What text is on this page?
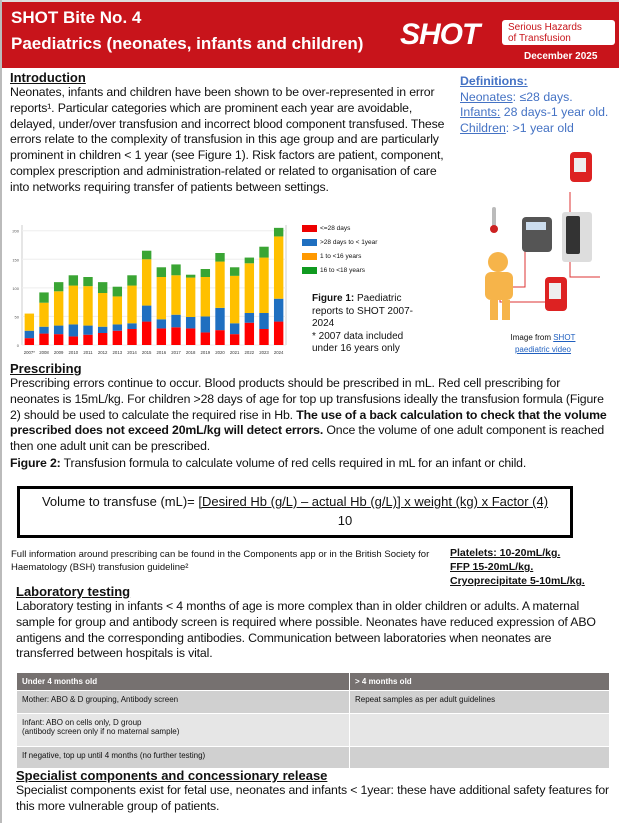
SHOT Bite No. 4
Paediatrics (neonates, infants and children) SHOT	Serious Hazards
of Transfusion
December 2025
Introduction

Neonates, infants and children have been shown to be over-represented in error reports¹. Particular categories which are prominent each year are avoidable, delayed, under/over transfusion and incorrect blood component transfused. These errors relate to the complexity of transfusion in this age group and are particularly prominent in children < 1 year (see Figure 1). Risk factors are patient, component, complex prescription and administration-related or related to organisation of care into networks requiring transfer of patients between settings.

Definitions:
Neonates: ≤28 days.
Infants: 28 days-1 year old.
Children: >1 year old
Image from SHOT paediatric video
0
50
100
150
200
2007* 2008 2009 2010 2011 2012 2013 2014 2015 2016 2017 2018 2019 2020 2021 2022 2023 2024
<=28 days
>28 days to < 1year
1 to <16 years
16 to <18 years
Figure 1: Paediatric reports to SHOT 2007-2024
* 2007 data included under 16 years only
Prescribing

Prescribing errors continue to occur. Blood products should be prescribed in mL. Red cell prescribing for neonates is 15mL/kg. For children >28 days of age for top up transfusions ideally the transfusion formula (Figure 2) should be used to calculate the required rise in Hb. The use of a back calculation to check that the volume prescribed does not exceed 20mL/kg will detect errors. Once the volume of one adult component is reached then one adult unit can be prescribed.

Figure 2: Transfusion formula to calculate volume of red cells required in mL for an infant or child.

Volume to transfuse (mL)= [Desired Hb (g/L) – actual Hb (g/L)] x weight (kg) x Factor (4)
10
Full information around prescribing can be found in the Components app or in the British Society for Haematology (BSH) transfusion guideline²
Platelets: 10-20mL/kg.
FFP 15-20mL/kg.
Cryoprecipitate 5-10mL/kg.
Laboratory testing

Laboratory testing in infants < 4 months of age is more complex than in older children or adults. A maternal sample for group and antibody screen is required where possible. Neonates have reduced expression of ABO antigens and the corresponding antibodies. Communication between laboratories when neonates are transferred between hospitals is vital.

Under 4 months old	> 4 months old
Mother: ABO & D grouping, Antibody screen	Repeat samples as per adult guidelines
Infant: ABO on cells only, D group
(antibody screen only if no maternal sample)	
If negative, top up until 4 months (no further testing)	
Specialist components and concessionary release

Specialist components exist for fetal use, neonates and infants < 1year: these have additional safety features for this more vulnerable group of patients.
